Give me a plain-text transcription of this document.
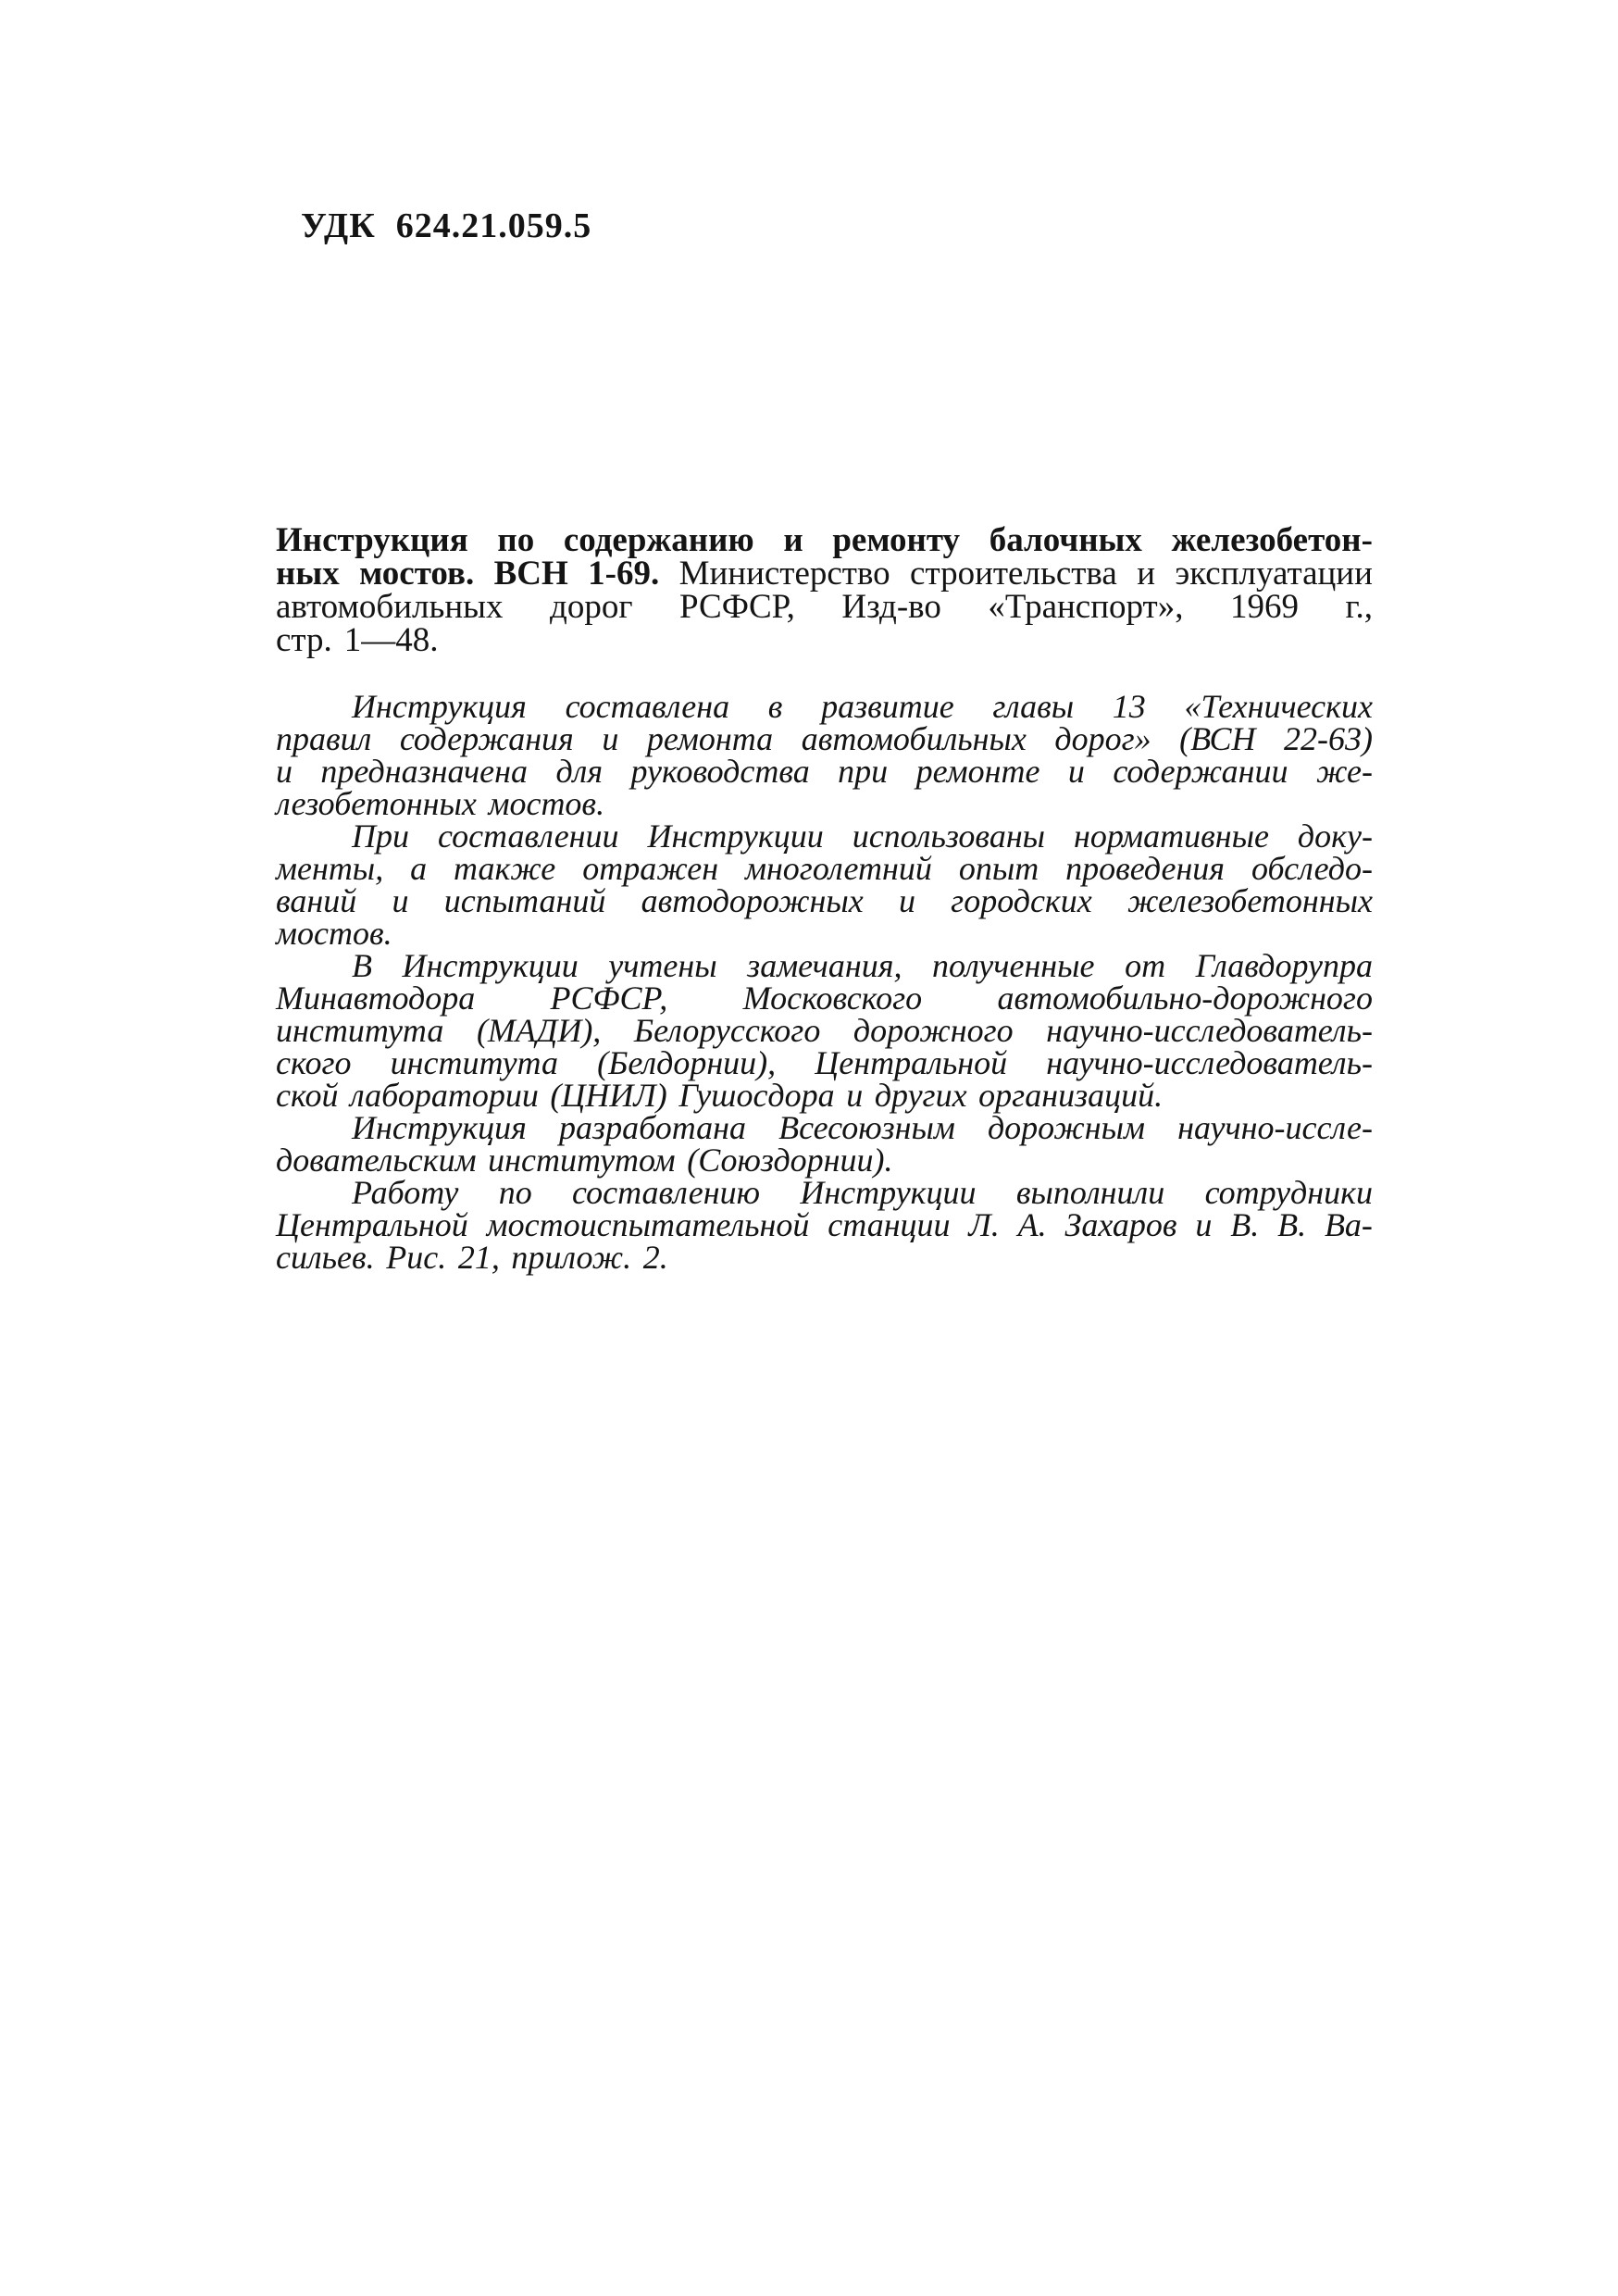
УДК 624.21.059.5
Инструкция по содержанию и ремонту балочных железобетон-
ных мостов. ВСН 1-69. Министерство строительства и эксплуатации
автомобильных дорог РСФСР, Изд-во «Транспорт», 1969 г.,
стр. 1—48.
Инструкция составлена в развитие главы 13 «Технических
правил содержания и ремонта автомобильных дорог» (ВСН 22-63)
и предназначена для руководства при ремонте и содержании же-
лезобетонных мостов.
При составлении Инструкции использованы нормативные доку-
менты, а также отражен многолетний опыт проведения обследо-
ваний и испытаний автодорожных и городских железобетонных
мостов.
В Инструкции учтены замечания, полученные от Главдорупра
Минавтодора РСФСР, Московского автомобильно-дорожного
института (МАДИ), Белорусского дорожного научно-исследователь-
ского института (Белдорнии), Центральной научно-исследователь-
ской лаборатории (ЦНИЛ) Гушосдора и других организаций.
Инструкция разработана Всесоюзным дорожным научно-иссле-
довательским институтом (Союздорнии).
Работу по составлению Инструкции выполнили сотрудники
Центральной мостоиспытательной станции Л. А. Захаров и В. В. Ва-
сильев. Рис. 21, прилож. 2.
